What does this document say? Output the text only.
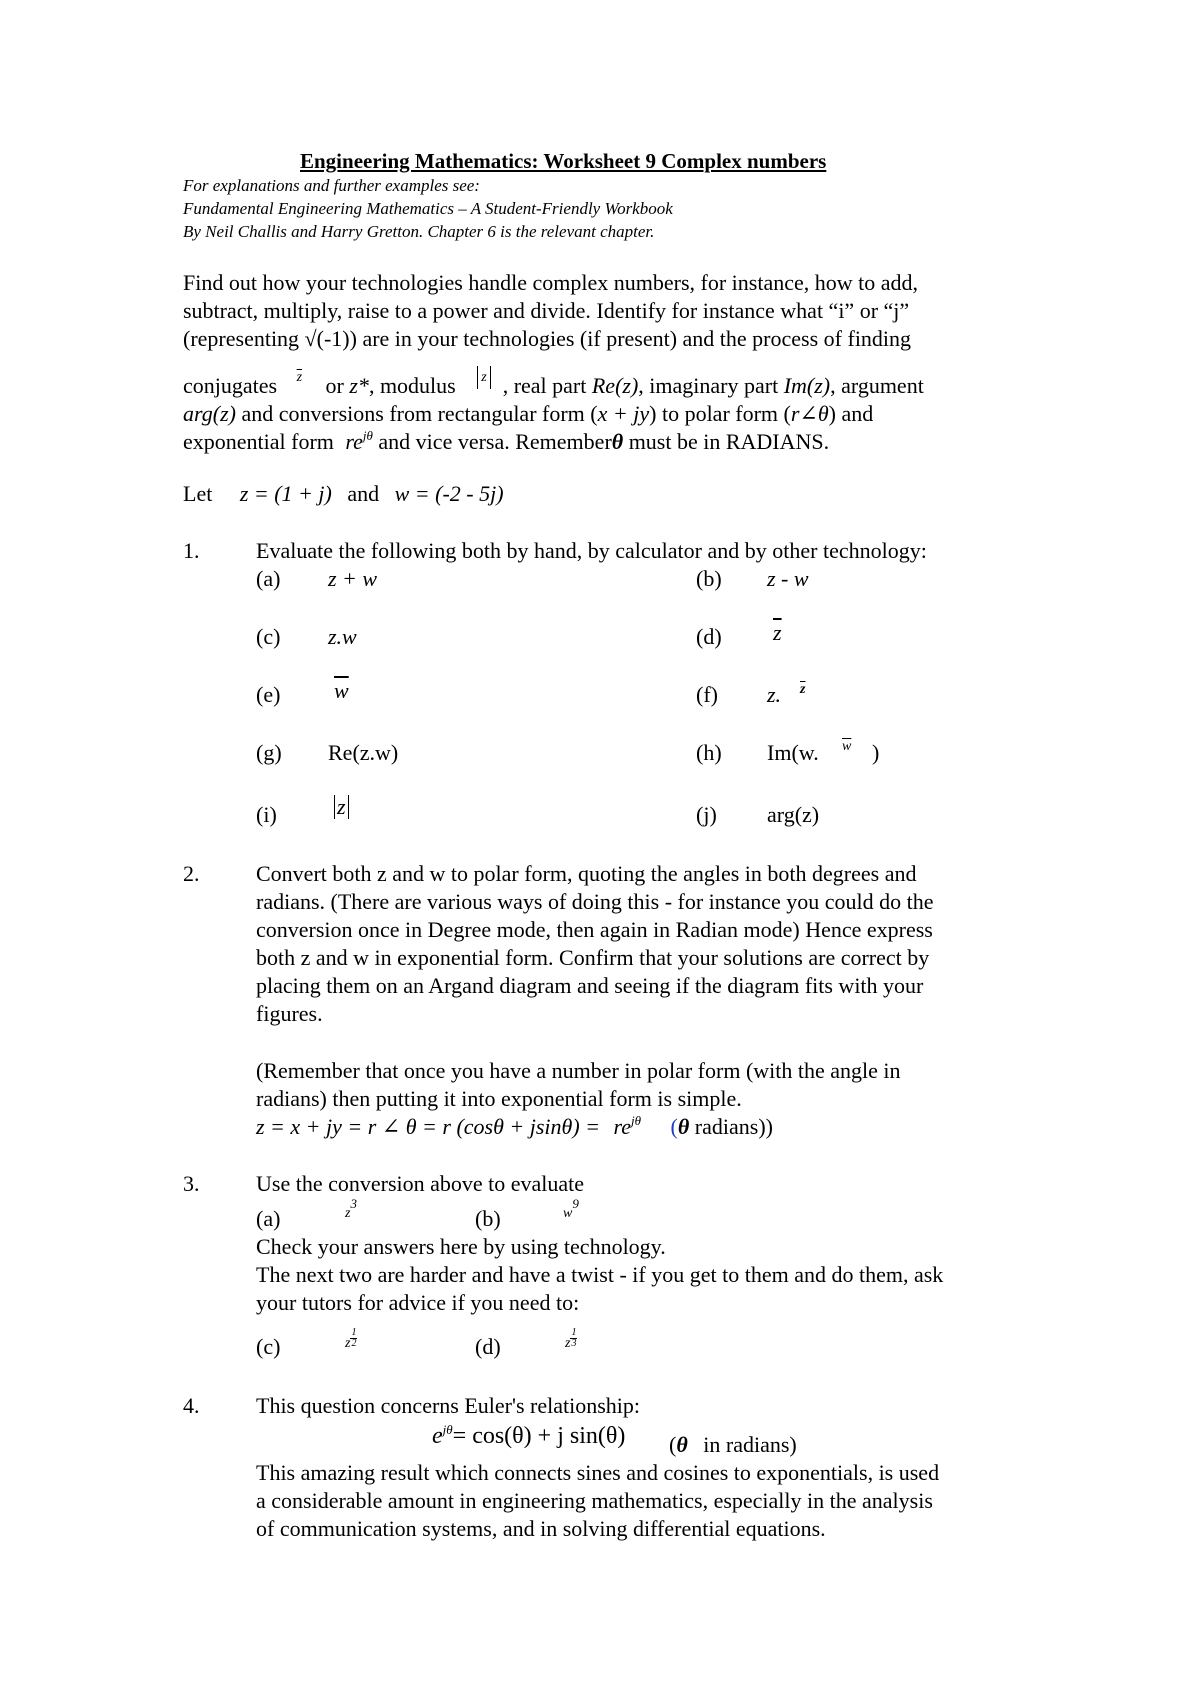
Engineering Mathematics: Worksheet 9 Complex numbers
For explanations and further examples see:
Fundamental Engineering Mathematics – A Student-Friendly Workbook
By Neil Challis and Harry Gretton. Chapter 6 is the relevant chapter.
Find out how your technologies handle complex numbers, for instance, how to add,
subtract, multiply, raise to a power and divide. Identify for instance what “i” or “j”
(representing √(-1)) are in your technologies (if present) and the process of finding
conjugates $^{\overline{z}}$ or z*, modulus $^z$ , real part Re(z), imaginary part Im(z), argument
arg(z) and conversions from rectangular form (x + jy) to polar form (r∠θ) and
exponential form $re^{j\theta}$ and vice versa. Rememberθ must be in RADIANS.
Let z = (1 + j) and w = (-2 - 5j)
1.	Evaluate the following both by hand, by calculator and by other technology:
(a) z + w	(b) z - w
(c) z.w	(d) $\overline{z}$
(e) $\overline{w}$	(f) z. $\overline{z}$
(g) Re(z.w)	(h) Im(w. $\overline{w}$ )
(i)	z	(j) arg(z)
2.	Convert both z and w to polar form, quoting the angles in both degrees and
radians. (There are various ways of doing this - for instance you could do the
conversion once in Degree mode, then again in Radian mode) Hence express
both z and w in exponential form. Confirm that your solutions are correct by
placing them on an Argand diagram and seeing if the diagram fits with your
figures.
(Remember that once you have a number in polar form (with the angle in
radians) then putting it into exponential form is simple.
z = x + jy = r ∠ θ = r $(\cos\theta + jsin\theta) = re^{j\theta}$ (θ radians))
3.	Use the conversion above to evaluate
(a)	$z^3$
(b)	$w^9$
Check your answers here by using technology.
The next two are harder and have a twist - if you get to them and do them, ask
your tutors for advice if you need to:
(c)	z $\frac{1}{2}$	(d)	z $\frac{1}{3}$
4.	This question concerns Euler's relationship:
$e^{j\theta}= \cos(\theta) + j$ sin(θ) (θ in radians)
This amazing result which connects sines and cosines to exponentials, is used
a considerable amount in engineering mathematics, especially in the analysis
of communication systems, and in solving differential equations.
